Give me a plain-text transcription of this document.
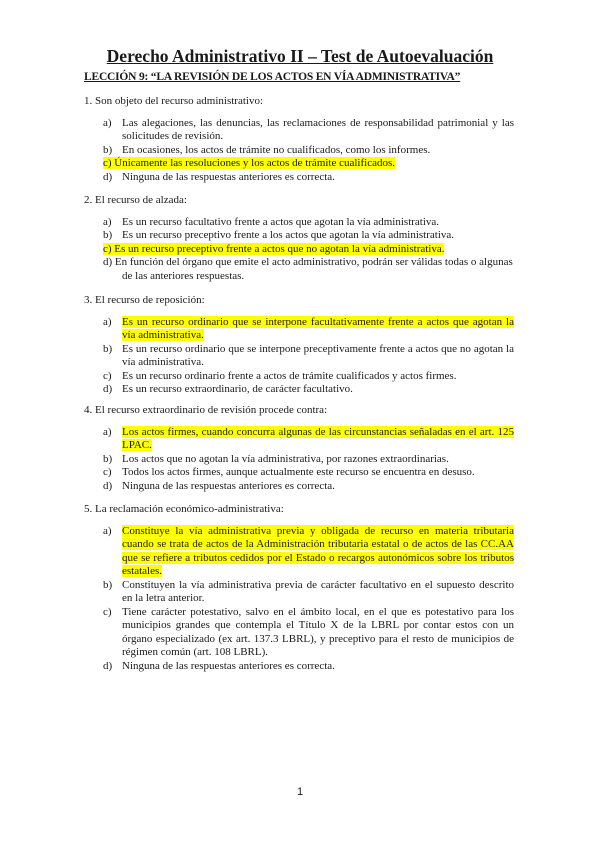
Derecho Administrativo II – Test de Autoevaluación
LECCIÓN 9: “LA REVISIÓN DE LOS ACTOS EN VÍA ADMINISTRATIVA”
1. Son objeto del recurso administrativo:
a) Las alegaciones, las denuncias, las reclamaciones de responsabilidad patrimonial y las solicitudes de revisión.
b) En ocasiones, los actos de trámite no cualificados, como los informes.
c) Únicamente las resoluciones y los actos de trámite cualificados.
d) Ninguna de las respuestas anteriores es correcta.
2. El recurso de alzada:
a) Es un recurso facultativo frente a actos que agotan la vía administrativa.
b) Es un recurso preceptivo frente a los actos que agotan la vía administrativa.
c) Es un recurso preceptivo frente a actos que no agotan la vía administrativa.
d) En función del órgano que emite el acto administrativo, podrán ser válidas todas o algunas de las anteriores respuestas.
3. El recurso de reposición:
a) Es un recurso ordinario que se interpone facultativamente frente a actos que agotan la vía administrativa.
b) Es un recurso ordinario que se interpone preceptivamente frente a actos que no agotan la vía administrativa.
c) Es un recurso ordinario frente a actos de trámite cualificados y actos firmes.
d) Es un recurso extraordinario, de carácter facultativo.
4. El recurso extraordinario de revisión procede contra:
a) Los actos firmes, cuando concurra algunas de las circunstancias señaladas en el art. 125 LPAC.
b) Los actos que no agotan la vía administrativa, por razones extraordinarias.
c) Todos los actos firmes, aunque actualmente este recurso se encuentra en desuso.
d) Ninguna de las respuestas anteriores es correcta.
5. La reclamación económico-administrativa:
a) Constituye la vía administrativa previa y obligada de recurso en materia tributaria cuando se trata de actos de la Administración tributaria estatal o de actos de las CC.AA que se refiere a tributos cedidos por el Estado o recargos autonómicos sobre los tributos estatales.
b) Constituyen la vía administrativa previa de carácter facultativo en el supuesto descrito en la letra anterior.
c) Tiene carácter potestativo, salvo en el ámbito local, en el que es potestativo para los municipios grandes que contempla el Título X de la LBRL por contar estos con un órgano especializado (ex art. 137.3 LBRL), y preceptivo para el resto de municipios de régimen común (art. 108 LBRL).
d) Ninguna de las respuestas anteriores es correcta.
1
